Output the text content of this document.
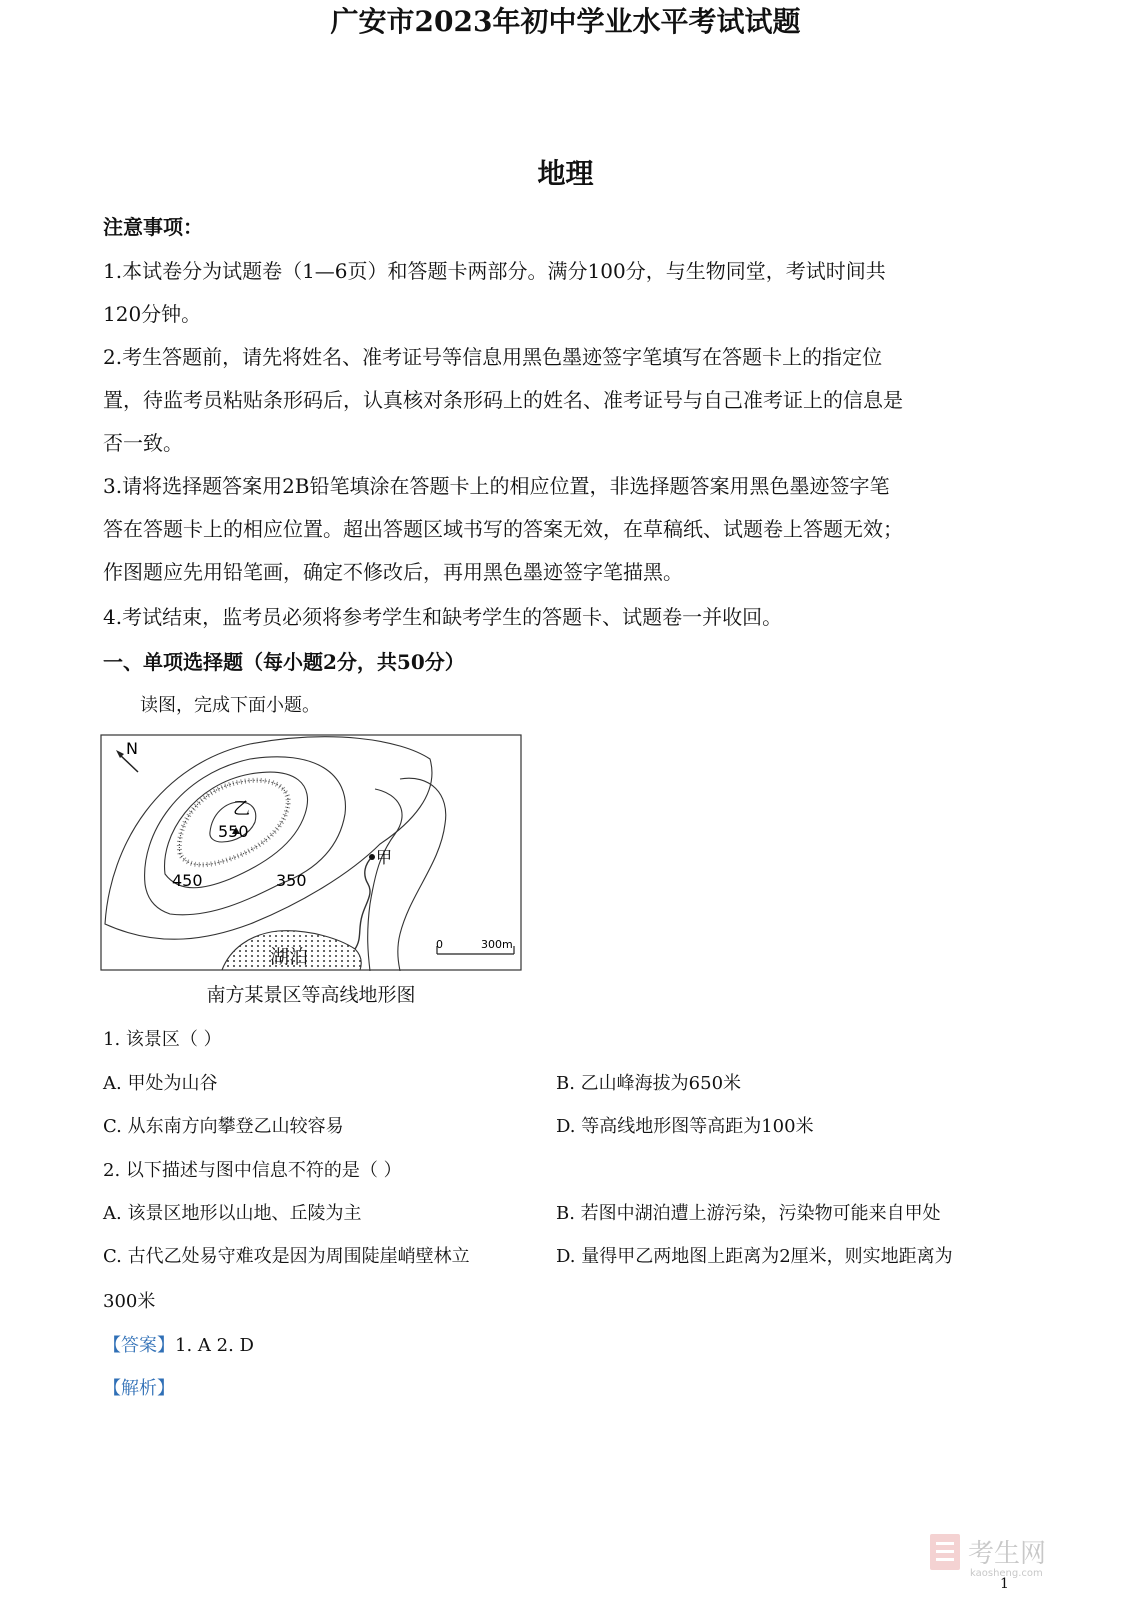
广安市2023年初中学业水平考试试题
地理
注意事项：
1.本试卷分为试题卷（1—6页）和答题卡两部分。满分100分，与生物同堂，考试时间共
120分钟。
2.考生答题前，请先将姓名、准考证号等信息用黑色墨迹签字笔填写在答题卡上的指定位
置，待监考员粘贴条形码后，认真核对条形码上的姓名、准考证号与自己准考证上的信息是
否一致。
3.请将选择题答案用2B铅笔填涂在答题卡上的相应位置，非选择题答案用黑色墨迹签字笔
答在答题卡上的相应位置。超出答题区域书写的答案无效，在草稿纸、试题卷上答题无效；
作图题应先用铅笔画，确定不修改后，再用黑色墨迹签字笔描黑。
4.考试结束，监考员必须将参考学生和缺考学生的答题卡、试题卷一并收回。
一、单项选择题（每小题2分，共50分）
读图，完成下面小题。
N
乙
550
450	350
甲
湖泊
0	300m
南方某景区等高线地形图
1. 该景区（ ）
A. 甲处为山谷	B. 乙山峰海拔为650米
C. 从东南方向攀登乙山较容易	D. 等高线地形图等高距为100米
2. 以下描述与图中信息不符的是（ ）
A. 该景区地形以山地、丘陵为主	B. 若图中湖泊遭上游污染，污染物可能来自甲处
C. 古代乙处易守难攻是因为周围陡崖峭壁林立	D. 量得甲乙两地图上距离为2厘米，则实地距离为
300米
【答案】1. A 2. D
【解析】
考生网
kaosheng.com
1
